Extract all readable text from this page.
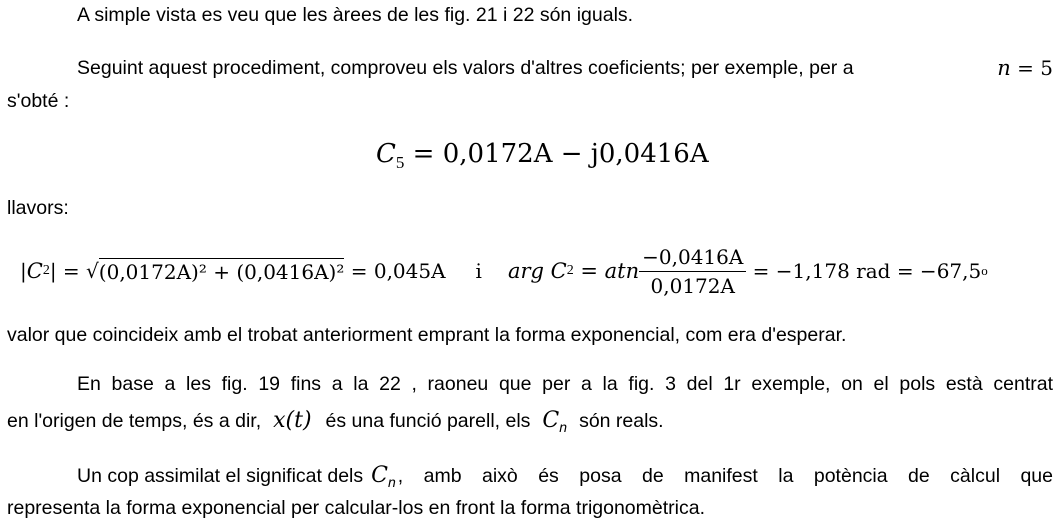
A simple vista es veu que les àrees de les fig. 21 i 22 són iguals.

Seguint aquest procediment, comproveu els valors d'altres coeficients; per exemple, per a	n = 5
s'obté :
$C_5 = 0,0172A - j0,0416A$
llavors:
| C 2 | = √ (0,0172A)² + (0,0416A)² = 0,045A i arg C 2 = atn $\frac{-0,0416A}{0,0172A} = -1,178$ rad = −67,5 o
valor que coincideix amb el trobat anteriorment emprant la forma exponencial, com era d'esperar.
En base a les fig. 19 fins a la 22 , raoneu que per a la fig. 3 del 1r exemple, on el pols està centrat
en l'origen de temps, és a dir, x(t) és una funció parell, els $C_n$ són reals.
Un cop assimilat el significat dels $C_n$ , amb això és posa de manifest la potència de càlcul que
representa la forma exponencial per calcular-los en front la forma trigonomètrica.
